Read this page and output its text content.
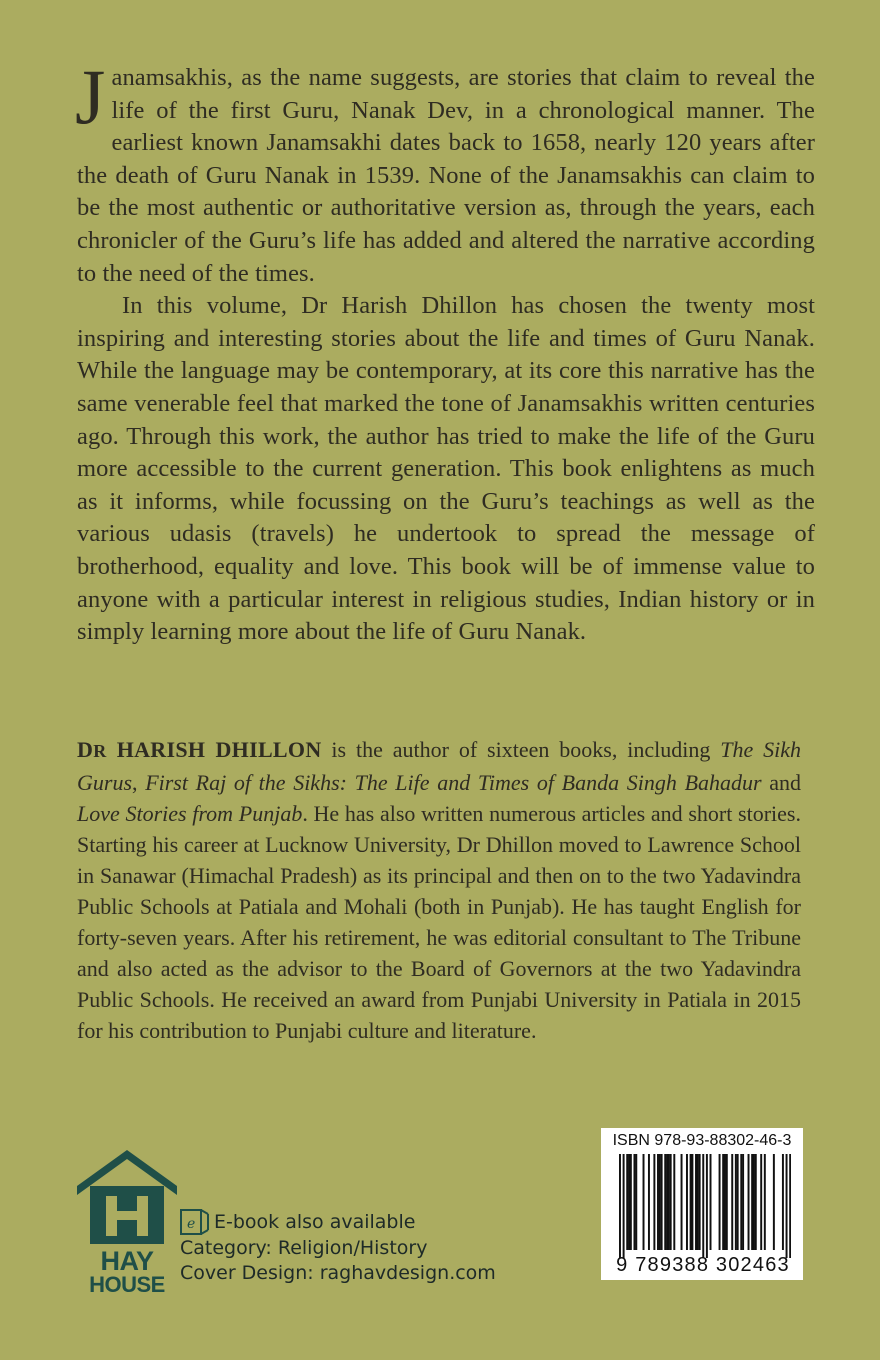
Janamsakhis, as the name suggests, are stories that claim to reveal the life of the first Guru, Nanak Dev, in a chronological manner. The earliest known Janamsakhi dates back to 1658, nearly 120 years after the death of Guru Nanak in 1539. None of the Janamsakhis can claim to be the most authentic or authoritative version as, through the years, each chronicler of the Guru’s life has added and altered the narrative according to the need of the times.

In this volume, Dr Harish Dhillon has chosen the twenty most inspiring and interesting stories about the life and times of Guru Nanak. While the language may be contemporary, at its core this narrative has the same venerable feel that marked the tone of Janamsakhis written centuries ago. Through this work, the author has tried to make the life of the Guru more accessible to the current generation. This book enlightens as much as it informs, while focussing on the Guru’s teachings as well as the various udasis (travels) he undertook to spread the message of brotherhood, equality and love. This book will be of immense value to anyone with a particular interest in religious studies, Indian history or in simply learning more about the life of Guru Nanak.

DR HARISH DHILLON is the author of sixteen books, including The Sikh Gurus, First Raj of the Sikhs: The Life and Times of Banda Singh Bahadur and Love Stories from Punjab. He has also written numerous articles and short stories. Starting his career at Lucknow University, Dr Dhillon moved to Lawrence School in Sanawar (Himachal Pradesh) as its principal and then on to the two Yadavindra Public Schools at Patiala and Mohali (both in Punjab). He has taught English for forty-seven years. After his retirement, he was editorial consultant to The Tribune and also acted as the advisor to the Board of Governors at the two Yadavindra Public Schools. He received an award from Punjabi University in Patiala in 2015 for his contribution to Punjabi culture and literature.

HAY
HOUSE
e E-book also available
Category: Religion/History
Cover Design: raghavdesign.com
ISBN 978-93-88302-46-3
9 789388 302463
